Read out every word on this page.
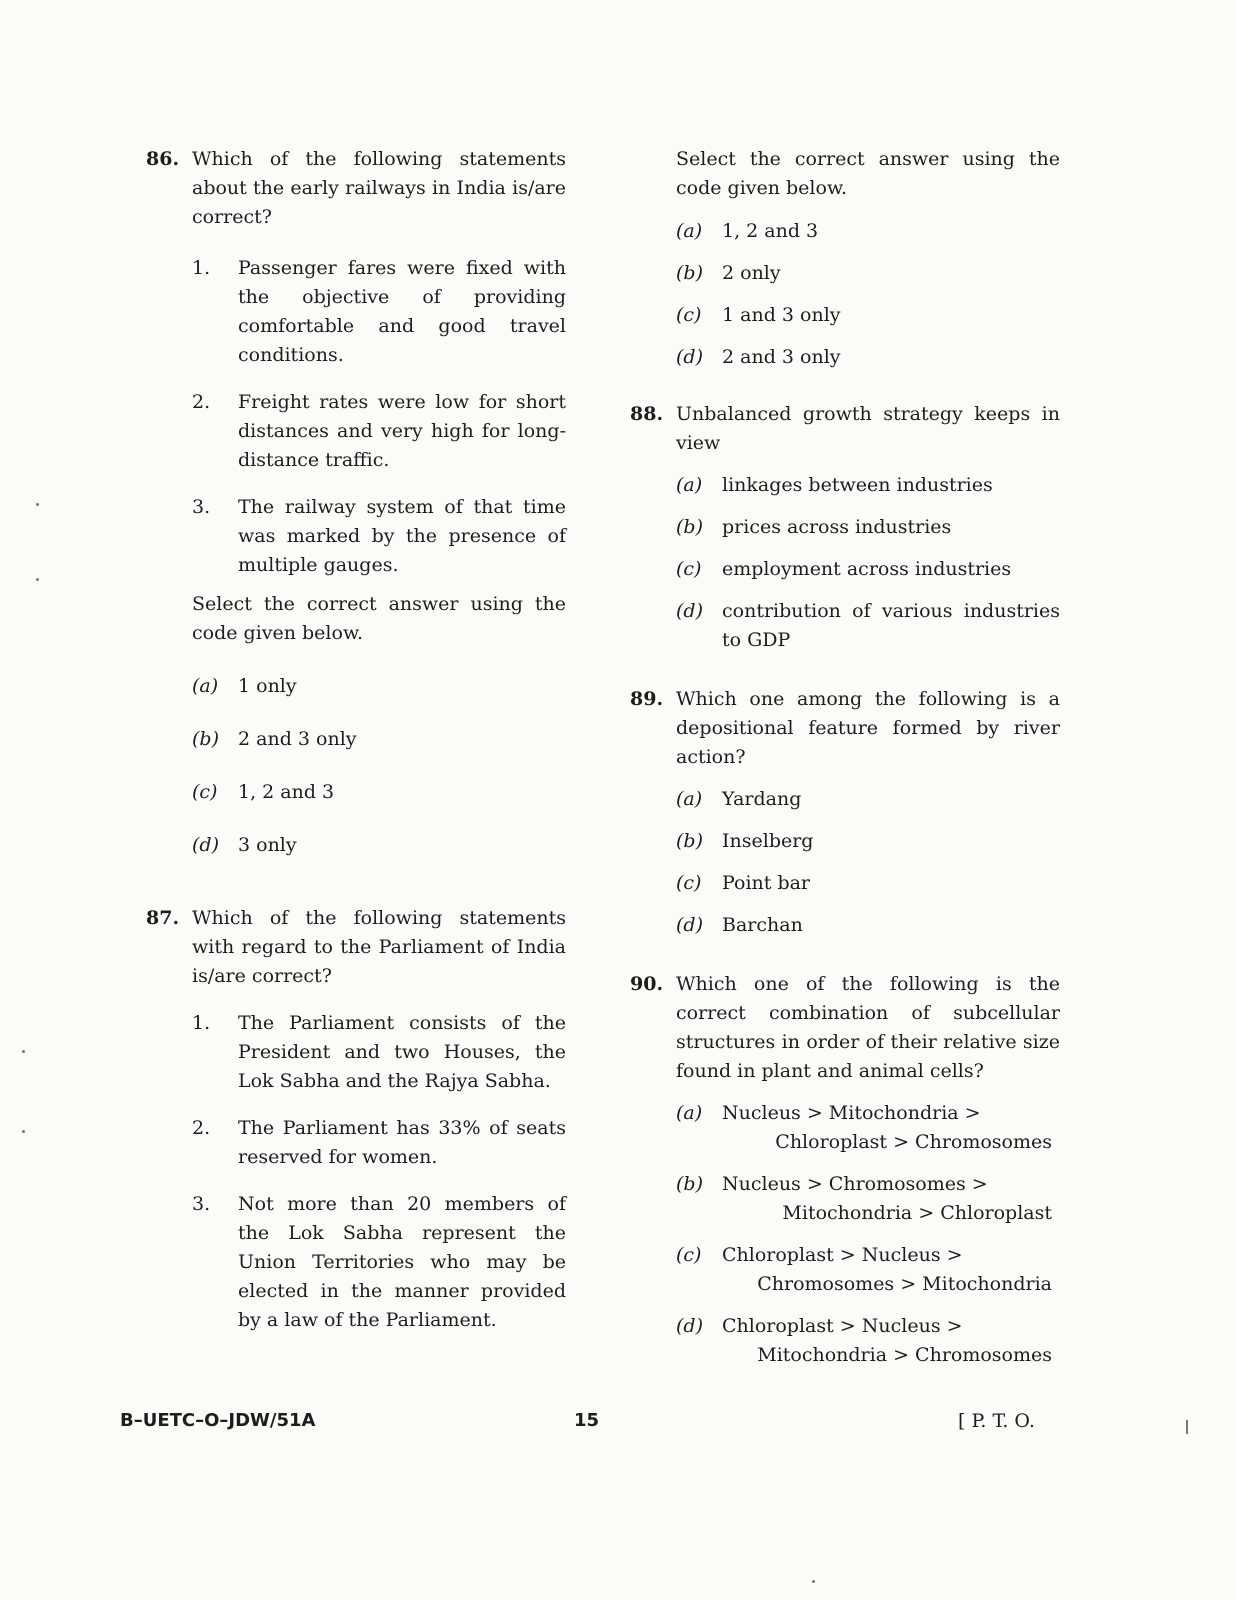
86. Which of the following statements about the early railways in India is/are correct?
1. Passenger fares were fixed with the objective of providing comfortable and good travel conditions.
2. Freight rates were low for short distances and very high for long-distance traffic.
3. The railway system of that time was marked by the presence of multiple gauges.
Select the correct answer using the code given below.
(a) 1 only
(b) 2 and 3 only
(c) 1, 2 and 3
(d) 3 only
87. Which of the following statements with regard to the Parliament of India is/are correct?
1. The Parliament consists of the President and two Houses, the Lok Sabha and the Rajya Sabha.
2. The Parliament has 33% of seats reserved for women.
3. Not more than 20 members of the Lok Sabha represent the Union Territories who may be elected in the manner provided by a law of the Parliament.
Select the correct answer using the code given below.
(a) 1, 2 and 3
(b) 2 only
(c) 1 and 3 only
(d) 2 and 3 only
88. Unbalanced growth strategy keeps in view
(a) linkages between industries
(b) prices across industries
(c) employment across industries
(d) contribution of various industries to GDP
89. Which one among the following is a depositional feature formed by river action?
(a) Yardang
(b) Inselberg
(c) Point bar
(d) Barchan
90. Which one of the following is the correct combination of subcellular structures in order of their relative size found in plant and animal cells?
(a) Nucleus > Mitochondria >
Chloroplast > Chromosomes
(b) Nucleus > Chromosomes >
Mitochondria > Chloroplast
(c) Chloroplast > Nucleus >
Chromosomes > Mitochondria
(d) Chloroplast > Nucleus >
Mitochondria > Chromosomes
B–UETC–O–JDW/51A	15	[ P. T. O.
